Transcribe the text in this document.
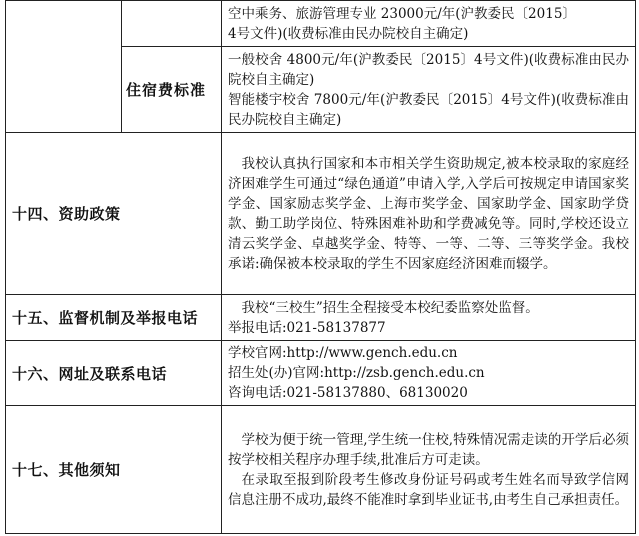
		空中乘务、旅游管理专业 23000元/年(沪教委民〔2015〕
4号文件)(收费标准由民办院校自主确定)

	住宿费标准	一般校舍 4800元/年(沪教委民〔2015〕4号文件)(收费标准由民办院校自主确定)
智能楼宇校舍 7800元/年(沪教委民〔2015〕4号文件)(收费标准由民办院校自主确定)

十四、资助政策		我校认真执行国家和本市相关学生资助规定,被本校录取的家庭经济困难学生可通过“绿色通道”申请入学,入学后可按规定申请国家奖学金、国家励志奖学金、上海市奖学金、国家助学金、国家助学贷款、勤工助学岗位、特殊困难补助和学费减免等。同时,学校还设立清云奖学金、卓越奖学金、特等、一等、二等、三等奖学金。我校承诺:确保被本校录取的学生不因家庭经济困难而辍学。

十五、监督机制及举报电话		我校“三校生”招生全程接受本校纪委监察处监督。
举报电话:021-58137877

十六、网址及联系电话		学校官网:http://www.gench.edu.cn
招生处(办)官网:http://zsb.gench.edu.cn
咨询电话:021-58137880、68130020

十七、其他须知		学校为便于统一管理,学生统一住校,特殊情况需走读的开学后必须按学校相关程序办理手续,批准后方可走读。
在录取至报到阶段考生修改身份证号码或考生姓名而导致学信网信息注册不成功,最终不能准时拿到毕业证书,由考生自己承担责任。
